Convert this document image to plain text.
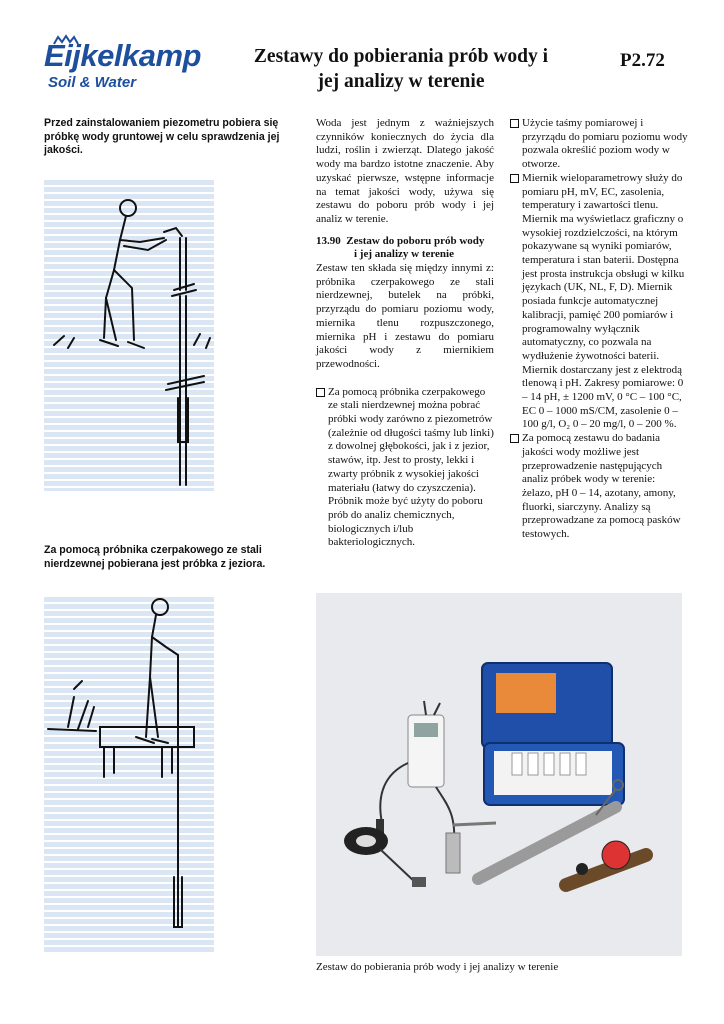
Eijkelkamp
Soil & Water
Zestawy do pobierania prób wody i
jej analizy w terenie
P2.72
Przed zainstalowaniem piezometru pobiera się próbkę wody gruntowej w celu sprawdzenia jej jakości.
Za pomocą próbnika czerpakowego ze stali nierdzewnej pobierana jest próbka z jeziora.

Woda jest jednym z ważniejszych czynników koniecznych do życia dla ludzi, roślin i zwierząt. Dlatego jakość wody ma bardzo istotne znaczenie. Aby uzyskać pierwsze, wstępne informacje na temat jakości wody, używa się zestawu do poboru prób wody i jej analiz w terenie.

13.90 Zestaw do poboru prób wody
i jej analizy w terenie

Zestaw ten składa się między innymi z: próbnika czerpakowego ze stali nierdzewnej, butelek na próbki, przyrządu do pomiaru poziomu wody, miernika tlenu rozpuszczonego, miernika pH i zestawu do pomiaru jakości wody z miernikiem przewodności.

Za pomocą próbnika czerpakowego ze stali nierdzewnej można pobrać próbki wody zarówno z piezometrów (zależnie od długości taśmy lub linki) z dowolnej głębokości, jak i z jezior, stawów, itp. Jest to prosty, lekki i zwarty próbnik z wysokiej jakości materiału (łatwy do czyszczenia). Próbnik może być użyty do poboru prób do analiz chemicznych, biologicznych i/lub bakteriologicznych.

Użycie taśmy pomiarowej i przyrządu do pomiaru poziomu wody pozwala określić poziom wody w otworze.

Miernik wieloparametrowy służy do pomiaru pH, mV, EC, zasolenia, temperatury i zawartości tlenu. Miernik ma wyświetlacz graficzny o wysokiej rozdzielczości, na którym pokazywane są wyniki pomiarów, temperatura i stan baterii. Dostępna jest prosta instrukcja obsługi w kilku językach (UK, NL, F, D). Miernik posiada funkcje automatycznej kalibracji, pamięć 200 pomiarów i programowalny wyłącznik automatyczny, co pozwala na wydłużenie żywotności baterii. Miernik dostarczany jest z elektrodą tlenową i pH. Zakresy pomiarowe: 0 – 14 pH, ± 1200 mV, 0 °C – 100 °C, EC 0 – 1000 mS/CM, zasolenie 0 – 100 g/l, O₂ 0 – 20 mg/l, 0 – 200 %.

Za pomocą zestawu do badania jakości wody możliwe jest przeprowadzenie następujących analiz próbek wody w terenie: żelazo, pH 0 – 14, azotany, amony, fluorki, siarczyny. Analizy są przeprowadzane za pomocą pasków testowych.

Zestaw do pobierania prób wody i jej analizy w terenie
